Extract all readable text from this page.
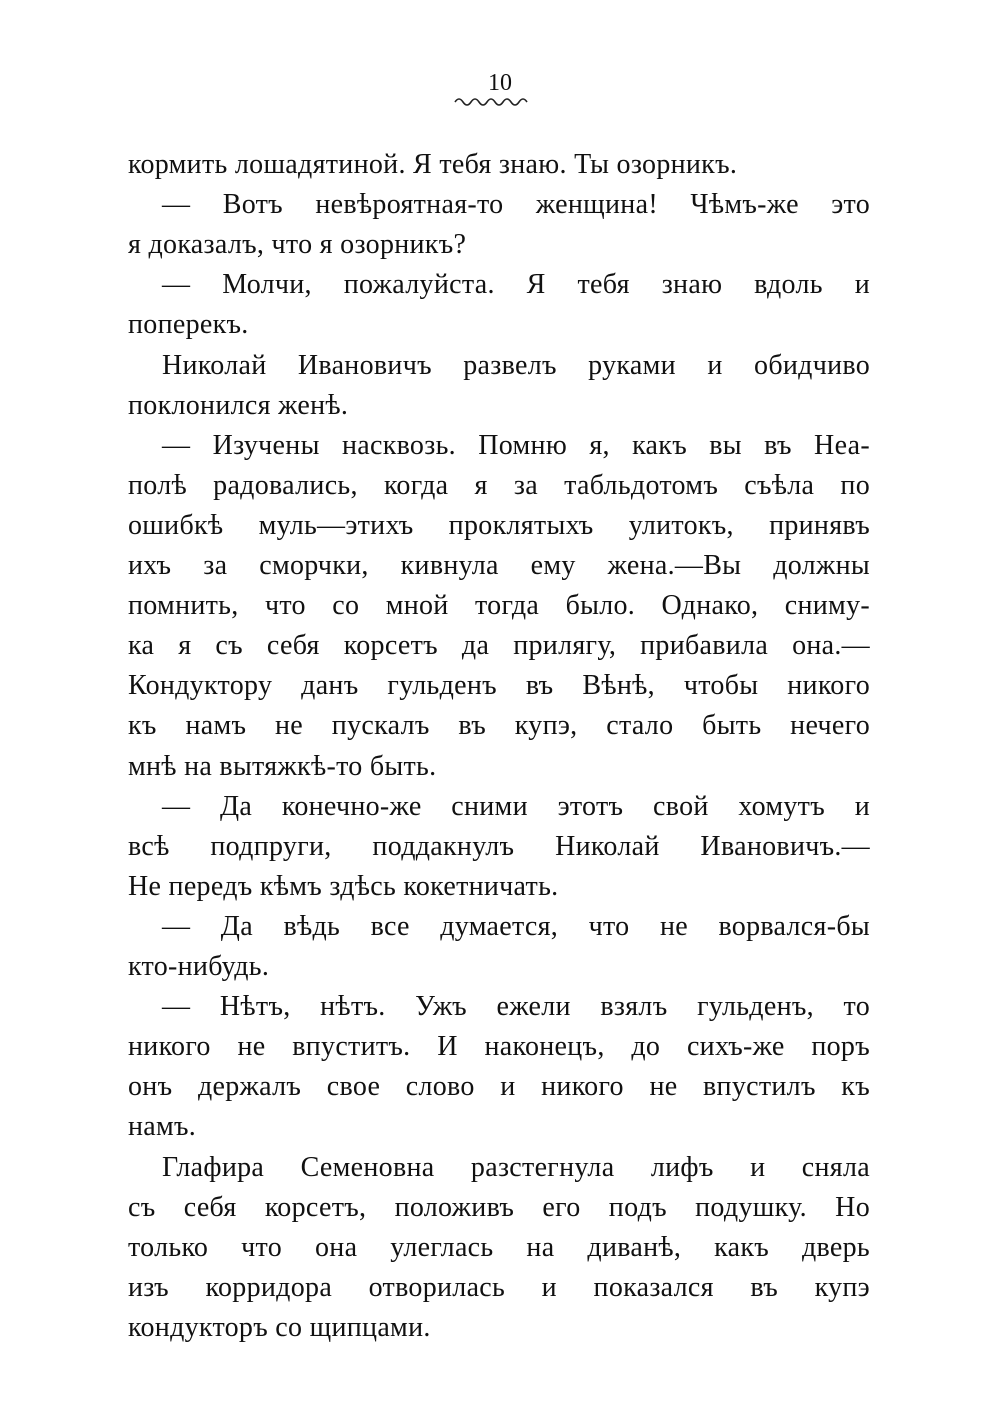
10
кормить лошадятиной. Я тебя знаю. Ты озорникъ.
— Вотъ невѣроятная-то женщина! Чѣмъ-же это
я доказалъ, что я озорникъ?
— Молчи, пожалуйста. Я тебя знаю вдоль и
поперекъ.
Николай Ивановичъ развелъ руками и обидчиво
поклонился женѣ.
— Изучены насквозь. Помню я, какъ вы въ Неа-
полѣ радовались, когда я за табльдотомъ съѣла по
ошибкѣ муль—этихъ проклятыхъ улитокъ, принявъ
ихъ за сморчки, кивнула ему жена.—Вы должны
помнить, что со мной тогда было. Однако, сниму-
ка я съ себя корсетъ да прилягу, прибавила она.—
Кондуктору данъ гульденъ въ Вѣнѣ, чтобы никого
къ намъ не пускалъ въ купэ, стало быть нечего
мнѣ на вытяжкѣ-то быть.
— Да конечно-же сними этотъ свой хомутъ и
всѣ подпруги, поддакнулъ Николай Ивановичъ.—
Не передъ кѣмъ здѣсь кокетничать.
— Да вѣдь все думается, что не ворвался-бы
кто-нибудь.
— Нѣтъ, нѣтъ. Ужъ ежели взялъ гульденъ, то
никого не впуститъ. И наконецъ, до сихъ-же поръ
онъ держалъ свое слово и никого не впустилъ къ
намъ.
Глафира Семеновна разстегнула лифъ и сняла
съ себя корсетъ, положивъ его подъ подушку. Но
только что она улеглась на диванѣ, какъ дверь
изъ корридора отворилась и показался въ купэ
кондукторъ со щипцами.
